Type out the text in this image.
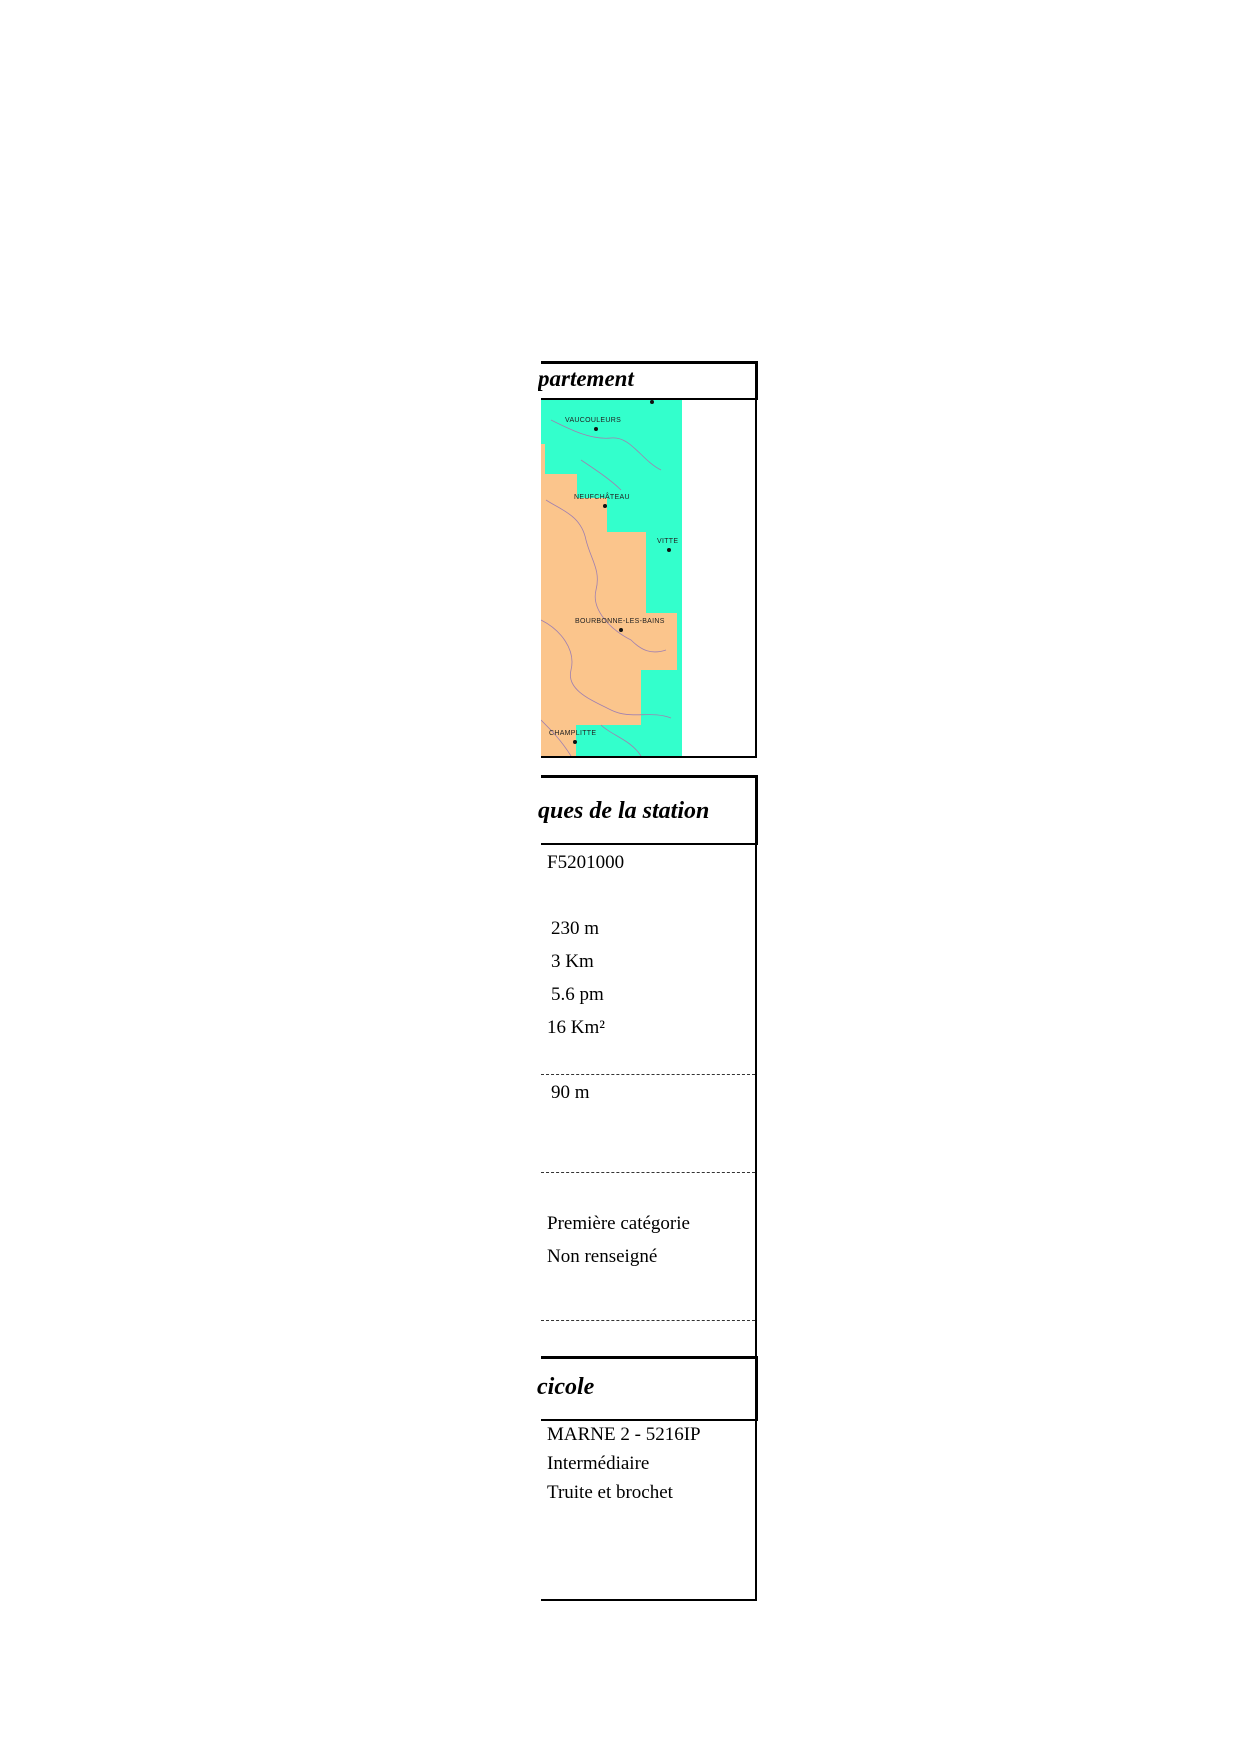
partement
VAUCOULEURS
NEUFCHÂTEAU
VITTE
BOURBONNE-LES-BAINS
CHAMPLITTE
ques de la station
F5201000
230 m
3 Km
5.6 pm
16 Km²
90 m
Première catégorie
Non renseigné
cicole
MARNE 2 - 5216IP
Intermédiaire
Truite et brochet
